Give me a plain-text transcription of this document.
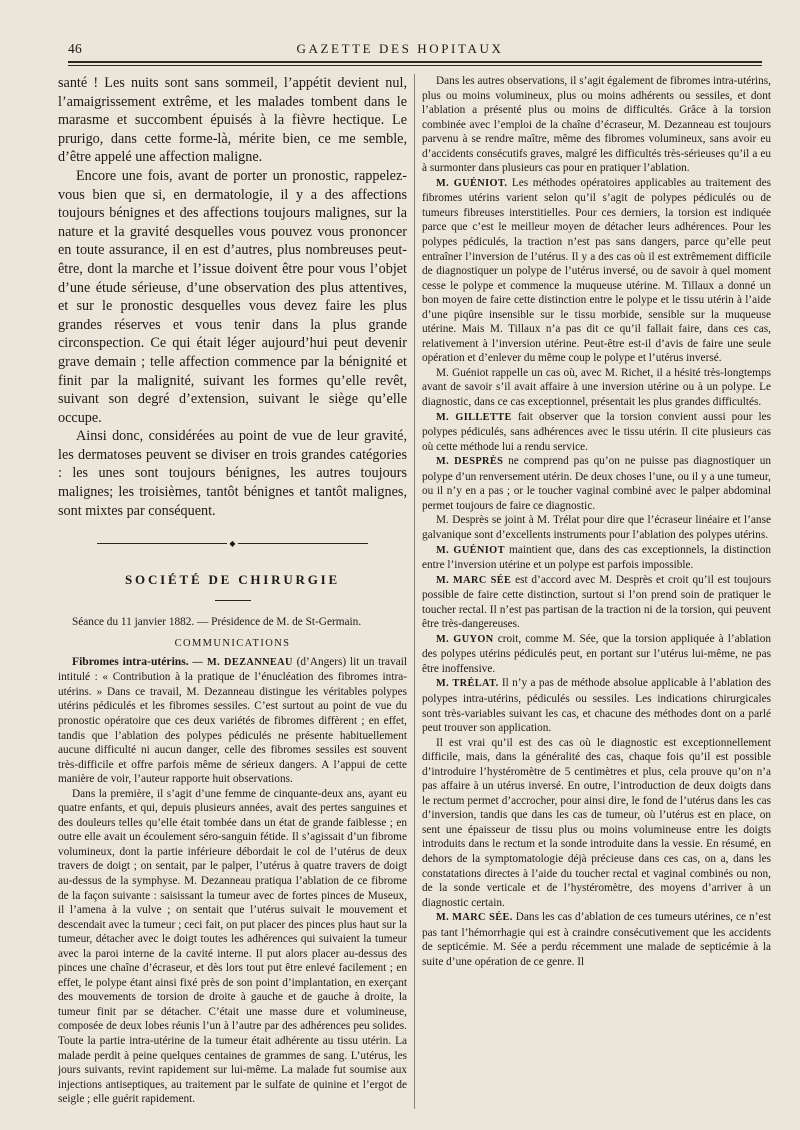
46	GAZETTE DES HOPITAUX

santé ! Les nuits sont sans sommeil, l’appétit devient nul, l’amaigrissement extrême, et les malades tombent dans le marasme et succombent épuisés à la fièvre hectique. Le prurigo, dans cette forme-là, mérite bien, ce me semble, d’être appelé une affection maligne.

Encore une fois, avant de porter un pronostic, rappelez-vous bien que si, en dermatologie, il y a des affections toujours bénignes et des affections toujours malignes, sur la nature et la gravité desquelles vous pouvez vous prononcer en toute assurance, il en est d’autres, plus nombreuses peut-être, dont la marche et l’issue doivent être pour vous l’objet d’une étude sérieuse, d’une observation des plus attentives, et sur le pronostic desquelles vous devez faire les plus grandes réserves et vous tenir dans la plus grande circonspection. Ce qui était léger aujourd’hui peut devenir grave demain ; telle affection commence par la bénignité et finit par la malignité, suivant les formes qu’elle revêt, suivant son degré d’extension, suivant le siège qu’elle occupe.

Ainsi donc, considérées au point de vue de leur gravité, les dermatoses peuvent se diviser en trois grandes catégories : les unes sont toujours bénignes, les autres toujours malignes; les troisièmes, tantôt bénignes et tantôt malignes, sont mixtes par conséquent.

◆

SOCIÉTÉ DE CHIRURGIE

Séance du 11 janvier 1882. — Présidence de M. de St-Germain.

COMMUNICATIONS

Fibromes intra-utérins. — M. DEZANNEAU (d’Angers) lit un travail intitulé : « Contribution à la pratique de l’énucléation des fibromes intra-utérins. » Dans ce travail, M. Dezanneau distingue les véritables polypes utérins pédiculés et les fibromes sessiles. C’est surtout au point de vue du pronostic opératoire que ces deux variétés de fibromes diffèrent ; en effet, tandis que l’ablation des polypes pédiculés ne présente habituellement aucune difficulté ni aucun danger, celle des fibromes sessiles est souvent très-difficile et offre parfois même de sérieux dangers. A l’appui de cette manière de voir, l’auteur rapporte huit observations.

Dans la première, il s’agit d’une femme de cinquante-deux ans, ayant eu quatre enfants, et qui, depuis plusieurs années, avait des pertes sanguines et des douleurs telles qu’elle était tombée dans un état de grande faiblesse ; en outre elle avait un écoulement séro-sanguin fétide. Il s’agissait d’un fibrome volumineux, dont la partie inférieure débordait le col de l’utérus de deux travers de doigt ; on sentait, par le palper, l’utérus à quatre travers de doigt au-dessus de la symphyse. M. Dezanneau pratiqua l’ablation de ce fibrome de la façon suivante : saisissant la tumeur avec de fortes pinces de Museux, il l’amena à la vulve ; on sentait que l’utérus suivait le mouvement et descendait avec la tumeur ; ceci fait, on put placer des pinces plus haut sur la tumeur, détacher avec le doigt toutes les adhérences qui suivaient la tumeur avec la paroi interne de la cavité interne. Il put alors placer au-dessus des pinces une chaîne d’écraseur, et dès lors tout put être enlevé facilement ; en effet, le polype étant ainsi fixé près de son point d’implantation, en exerçant des mouvements de torsion de droite à gauche et de gauche à droite, la tumeur finit par se détacher. C’était une masse dure et volumineuse, composée de deux lobes réunis l’un à l’autre par des adhérences peu solides. Toute la partie intra-utérine de la tumeur était adhérente au tissu utérin. La malade perdit à peine quelques centaines de grammes de sang. L’utérus, les jours suivants, revint rapidement sur lui-même. La malade fut soumise aux injections antiseptiques, au traitement par le sulfate de quinine et l’ergot de seigle ; elle guérit rapidement.

Dans les autres observations, il s’agit également de fibromes intra-utérins, plus ou moins volumineux, plus ou moins adhérents ou sessiles, et dont l’ablation a présenté plus ou moins de difficultés. Grâce à la torsion combinée avec l’emploi de la chaîne d’écraseur, M. Dezanneau est toujours parvenu à se rendre maître, même des fibromes volumineux, sans avoir eu d’accidents consécutifs graves, malgré les difficultés très-sérieuses qu’il a eu à surmonter dans plusieurs cas pour en pratiquer l’ablation.

M. GUÉNIOT. Les méthodes opératoires applicables au traitement des fibromes utérins varient selon qu’il s’agit de polypes pédiculés ou de tumeurs fibreuses interstitielles. Pour ces derniers, la torsion est indiquée parce que c’est le meilleur moyen de détacher leurs adhérences. Pour les polypes pédiculés, la traction n’est pas sans dangers, parce qu’elle peut entraîner l’inversion de l’utérus. Il y a des cas où il est extrêmement difficile de diagnostiquer un polype de l’utérus inversé, ou de savoir à quel moment cesse le polype et commence la muqueuse utérine. M. Tillaux a donné un bon moyen de faire cette distinction entre le polype et le tissu utérin à l’aide d’une piqûre insensible sur le tissu morbide, sensible sur la muqueuse utérine. Mais M. Tillaux n’a pas dit ce qu’il fallait faire, dans ces cas, relativement à l’inversion utérine. Peut-être est-il d’avis de faire une seule opération et d’enlever du même coup le polype et l’utérus inversé.

M. Guéniot rappelle un cas où, avec M. Richet, il a hésité très-longtemps avant de savoir s’il avait affaire à une inversion utérine ou à un polype. Le diagnostic, dans ce cas exceptionnel, présentait les plus grandes difficultés.

M. GILLETTE fait observer que la torsion convient aussi pour les polypes pédiculés, sans adhérences avec le tissu utérin. Il cite plusieurs cas où cette méthode lui a rendu service.

M. DESPRÈS ne comprend pas qu’on ne puisse pas diagnostiquer un polype d’un renversement utérin. De deux choses l’une, ou il y a une tumeur, ou il n’y en a pas ; or le toucher vaginal combiné avec le palper abdominal permet toujours de faire ce diagnostic.

M. Desprès se joint à M. Trélat pour dire que l’écraseur linéaire et l’anse galvanique sont d’excellents instruments pour l’ablation des polypes utérins.

M. GUÉNIOT maintient que, dans des cas exceptionnels, la distinction entre l’inversion utérine et un polype est parfois impossible.

M. MARC SÉE est d’accord avec M. Desprès et croit qu’il est toujours possible de faire cette distinction, surtout si l’on prend soin de pratiquer le toucher rectal. Il n’est pas partisan de la traction ni de la torsion, qui peuvent être très-dangereuses.

M. GUYON croit, comme M. Sée, que la torsion appliquée à l’ablation des polypes utérins pédiculés peut, en portant sur l’utérus lui-même, ne pas être inoffensive.

M. TRÉLAT. Il n’y a pas de méthode absolue applicable à l’ablation des polypes intra-utérins, pédiculés ou sessiles. Les indications chirurgicales sont très-variables suivant les cas, et chacune des méthodes dont on a parlé peut trouver son application.

Il est vrai qu’il est des cas où le diagnostic est exceptionnellement difficile, mais, dans la généralité des cas, chaque fois qu’il est possible d’introduire l’hystéromètre de 5 centimètres et plus, cela prouve qu’on n’a pas affaire à un utérus inversé. En outre, l’introduction de deux doigts dans le rectum permet d’accrocher, pour ainsi dire, le fond de l’utérus dans les cas d’inversion, tandis que dans les cas de tumeur, où l’utérus est en place, on sent une épaisseur de tissu plus ou moins volumineuse entre les doigts introduits dans le rectum et la sonde introduite dans la vessie. En résumé, en dehors de la symptomatologie déjà précieuse dans ces cas, on a, dans les constatations directes à l’aide du toucher rectal et vaginal combinés ou non, de la sonde verticale et de l’hystéromètre, des moyens d’arriver à un diagnostic certain.

M. MARC SÉE. Dans les cas d’ablation de ces tumeurs utérines, ce n’est pas tant l’hémorrhagie qui est à craindre consécutivement que les accidents de septicémie. M. Sée a perdu récemment une malade de septicémie à la suite d’une opération de ce genre. Il
